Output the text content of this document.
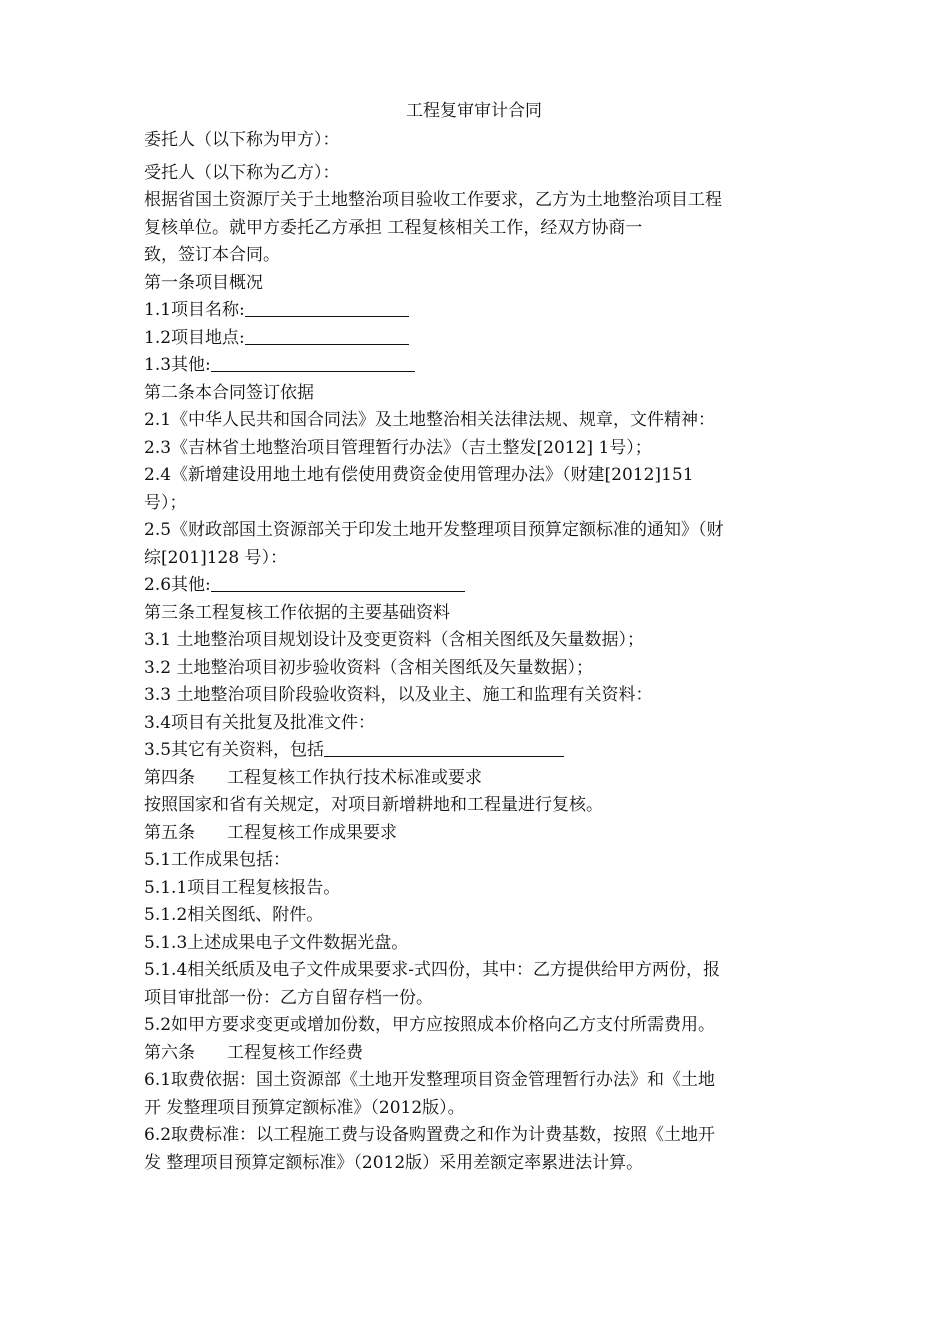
工程复审审计合同
委托人（以下称为甲方）：
受托人（以下称为乙方）：
根据省国土资源厅关于土地整治项目验收工作要求，乙方为土地整治项目工程
复核单位。就甲方委托乙方承担 工程复核相关工作，经双方协商一
致，签订本合同。
第一条项目概况
1.1项目名称:
1.2项目地点:
1.3其他:
第二条本合同签订依据
2.1《中华人民共和国合同法》及土地整治相关法律法规、规章，文件精神：
2.3《吉林省土地整治项目管理暂行办法》（吉土整发[2012] 1号）；
2.4《新增建设用地土地有偿使用费资金使用管理办法》（财建[2012]151
号）；
2.5《财政部国土资源部关于印发土地开发整理项目预算定额标准的通知》（财
综[201]128 号）：
2.6其他:
第三条工程复核工作依据的主要基础资料
3.1 土地整治项目规划设计及变更资料（含相关图纸及矢量数据）；
3.2 土地整治项目初步验收资料（含相关图纸及矢量数据）；
3.3 土地整治项目阶段验收资料，以及业主、施工和监理有关资料：
3.4项目有关批复及批准文件：
3.5其它有关资料，包括
第四条 工程复核工作执行技术标准或要求
按照国家和省有关规定，对项目新增耕地和工程量进行复核。
第五条 工程复核工作成果要求
5.1工作成果包括：
5.1.1项目工程复核报告。
5.1.2相关图纸、附件。
5.1.3上述成果电子文件数据光盘。
5.1.4相关纸质及电子文件成果要求-式四份，其中：乙方提供给甲方两份，报
项目审批部一份：乙方自留存档一份。
5.2如甲方要求变更或增加份数，甲方应按照成本价格向乙方支付所需费用。
第六条 工程复核工作经费
6.1取费依据：国土资源部《土地开发整理项目资金管理暂行办法》和《土地
开 发整理项目预算定额标准》（2012版）。
6.2取费标准：以工程施工费与设备购置费之和作为计费基数，按照《土地开
发 整理项目预算定额标准》（2012版）采用差额定率累进法计算。
